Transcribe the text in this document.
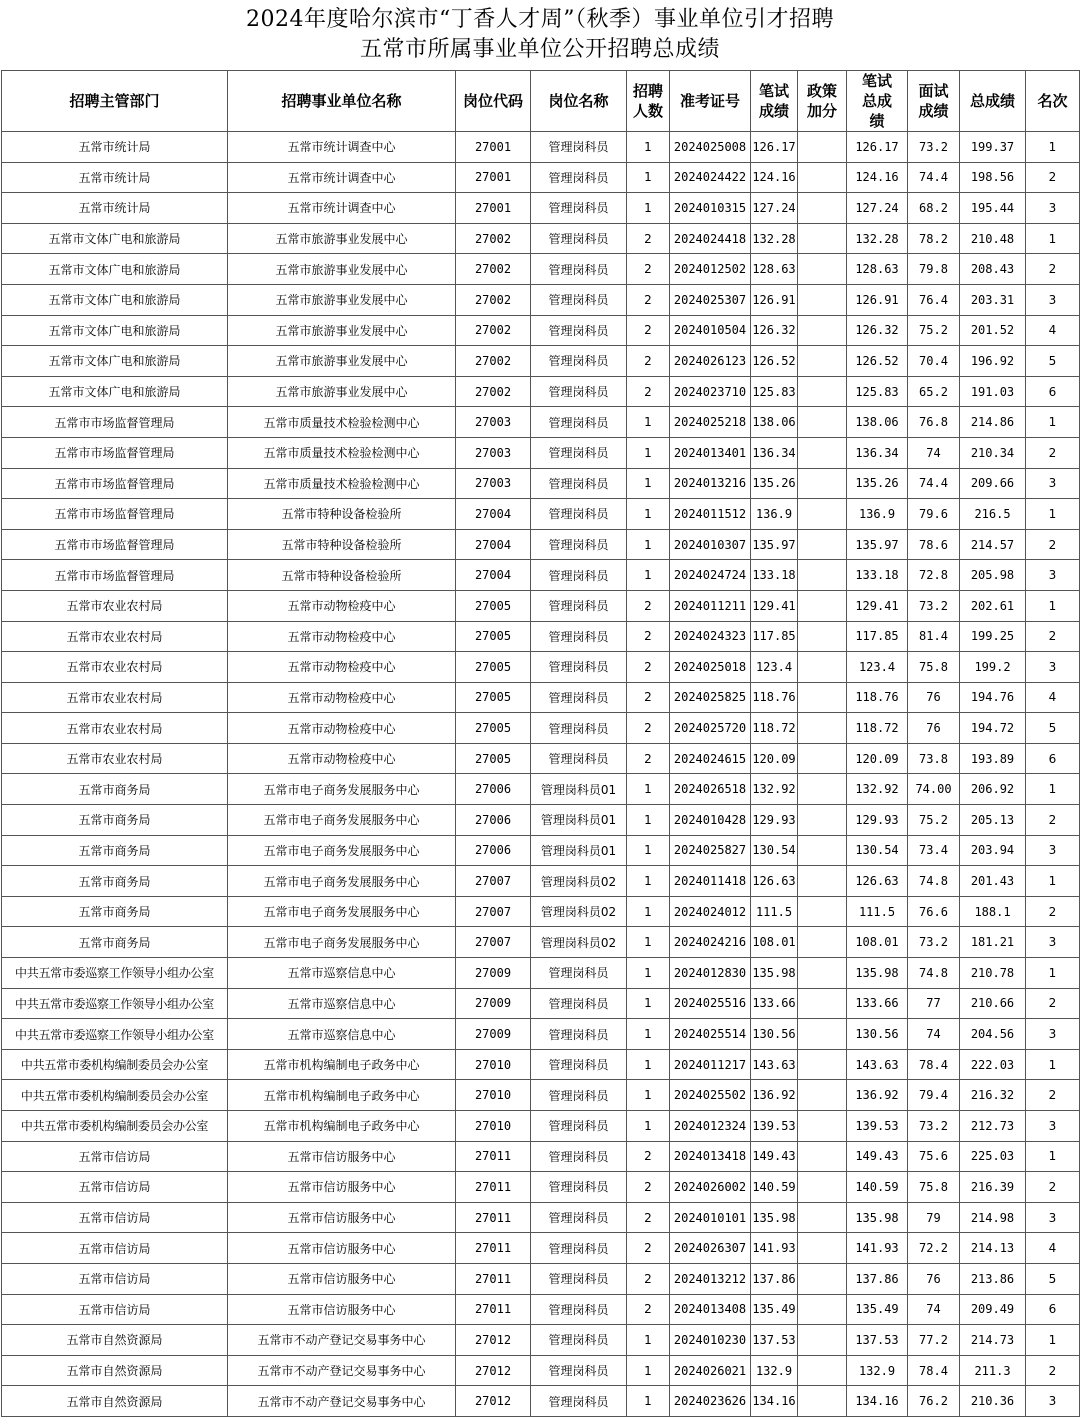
2024年度哈尔滨市“丁香人才周”（秋季）事业单位引才招聘
五常市所属事业单位公开招聘总成绩
招聘主管部门	招聘事业单位名称	岗位代码	岗位名称	招聘人数	准考证号	笔试成绩	政策加分	笔试总成绩	面试成绩	总成绩	名次
五常市统计局	五常市统计调查中心	27001	管理岗科员	1	2024025008	126.17		126.17	73.2	199.37	1
五常市统计局	五常市统计调查中心	27001	管理岗科员	1	2024024422	124.16		124.16	74.4	198.56	2
五常市统计局	五常市统计调查中心	27001	管理岗科员	1	2024010315	127.24		127.24	68.2	195.44	3
五常市文体广电和旅游局	五常市旅游事业发展中心	27002	管理岗科员	2	2024024418	132.28		132.28	78.2	210.48	1
五常市文体广电和旅游局	五常市旅游事业发展中心	27002	管理岗科员	2	2024012502	128.63		128.63	79.8	208.43	2
五常市文体广电和旅游局	五常市旅游事业发展中心	27002	管理岗科员	2	2024025307	126.91		126.91	76.4	203.31	3
五常市文体广电和旅游局	五常市旅游事业发展中心	27002	管理岗科员	2	2024010504	126.32		126.32	75.2	201.52	4
五常市文体广电和旅游局	五常市旅游事业发展中心	27002	管理岗科员	2	2024026123	126.52		126.52	70.4	196.92	5
五常市文体广电和旅游局	五常市旅游事业发展中心	27002	管理岗科员	2	2024023710	125.83		125.83	65.2	191.03	6
五常市市场监督管理局	五常市质量技术检验检测中心	27003	管理岗科员	1	2024025218	138.06		138.06	76.8	214.86	1
五常市市场监督管理局	五常市质量技术检验检测中心	27003	管理岗科员	1	2024013401	136.34		136.34	74	210.34	2
五常市市场监督管理局	五常市质量技术检验检测中心	27003	管理岗科员	1	2024013216	135.26		135.26	74.4	209.66	3
五常市市场监督管理局	五常市特种设备检验所	27004	管理岗科员	1	2024011512	136.9		136.9	79.6	216.5	1
五常市市场监督管理局	五常市特种设备检验所	27004	管理岗科员	1	2024010307	135.97		135.97	78.6	214.57	2
五常市市场监督管理局	五常市特种设备检验所	27004	管理岗科员	1	2024024724	133.18		133.18	72.8	205.98	3
五常市农业农村局	五常市动物检疫中心	27005	管理岗科员	2	2024011211	129.41		129.41	73.2	202.61	1
五常市农业农村局	五常市动物检疫中心	27005	管理岗科员	2	2024024323	117.85		117.85	81.4	199.25	2
五常市农业农村局	五常市动物检疫中心	27005	管理岗科员	2	2024025018	123.4		123.4	75.8	199.2	3
五常市农业农村局	五常市动物检疫中心	27005	管理岗科员	2	2024025825	118.76		118.76	76	194.76	4
五常市农业农村局	五常市动物检疫中心	27005	管理岗科员	2	2024025720	118.72		118.72	76	194.72	5
五常市农业农村局	五常市动物检疫中心	27005	管理岗科员	2	2024024615	120.09		120.09	73.8	193.89	6
五常市商务局	五常市电子商务发展服务中心	27006	管理岗科员01	1	2024026518	132.92		132.92	74.00	206.92	1
五常市商务局	五常市电子商务发展服务中心	27006	管理岗科员01	1	2024010428	129.93		129.93	75.2	205.13	2
五常市商务局	五常市电子商务发展服务中心	27006	管理岗科员01	1	2024025827	130.54		130.54	73.4	203.94	3
五常市商务局	五常市电子商务发展服务中心	27007	管理岗科员02	1	2024011418	126.63		126.63	74.8	201.43	1
五常市商务局	五常市电子商务发展服务中心	27007	管理岗科员02	1	2024024012	111.5		111.5	76.6	188.1	2
五常市商务局	五常市电子商务发展服务中心	27007	管理岗科员02	1	2024024216	108.01		108.01	73.2	181.21	3
中共五常市委巡察工作领导小组办公室	五常市巡察信息中心	27009	管理岗科员	1	2024012830	135.98		135.98	74.8	210.78	1
中共五常市委巡察工作领导小组办公室	五常市巡察信息中心	27009	管理岗科员	1	2024025516	133.66		133.66	77	210.66	2
中共五常市委巡察工作领导小组办公室	五常市巡察信息中心	27009	管理岗科员	1	2024025514	130.56		130.56	74	204.56	3
中共五常市委机构编制委员会办公室	五常市机构编制电子政务中心	27010	管理岗科员	1	2024011217	143.63		143.63	78.4	222.03	1
中共五常市委机构编制委员会办公室	五常市机构编制电子政务中心	27010	管理岗科员	1	2024025502	136.92		136.92	79.4	216.32	2
中共五常市委机构编制委员会办公室	五常市机构编制电子政务中心	27010	管理岗科员	1	2024012324	139.53		139.53	73.2	212.73	3
五常市信访局	五常市信访服务中心	27011	管理岗科员	2	2024013418	149.43		149.43	75.6	225.03	1
五常市信访局	五常市信访服务中心	27011	管理岗科员	2	2024026002	140.59		140.59	75.8	216.39	2
五常市信访局	五常市信访服务中心	27011	管理岗科员	2	2024010101	135.98		135.98	79	214.98	3
五常市信访局	五常市信访服务中心	27011	管理岗科员	2	2024026307	141.93		141.93	72.2	214.13	4
五常市信访局	五常市信访服务中心	27011	管理岗科员	2	2024013212	137.86		137.86	76	213.86	5
五常市信访局	五常市信访服务中心	27011	管理岗科员	2	2024013408	135.49		135.49	74	209.49	6
五常市自然资源局	五常市不动产登记交易事务中心	27012	管理岗科员	1	2024010230	137.53		137.53	77.2	214.73	1
五常市自然资源局	五常市不动产登记交易事务中心	27012	管理岗科员	1	2024026021	132.9		132.9	78.4	211.3	2
五常市自然资源局	五常市不动产登记交易事务中心	27012	管理岗科员	1	2024023626	134.16		134.16	76.2	210.36	3
